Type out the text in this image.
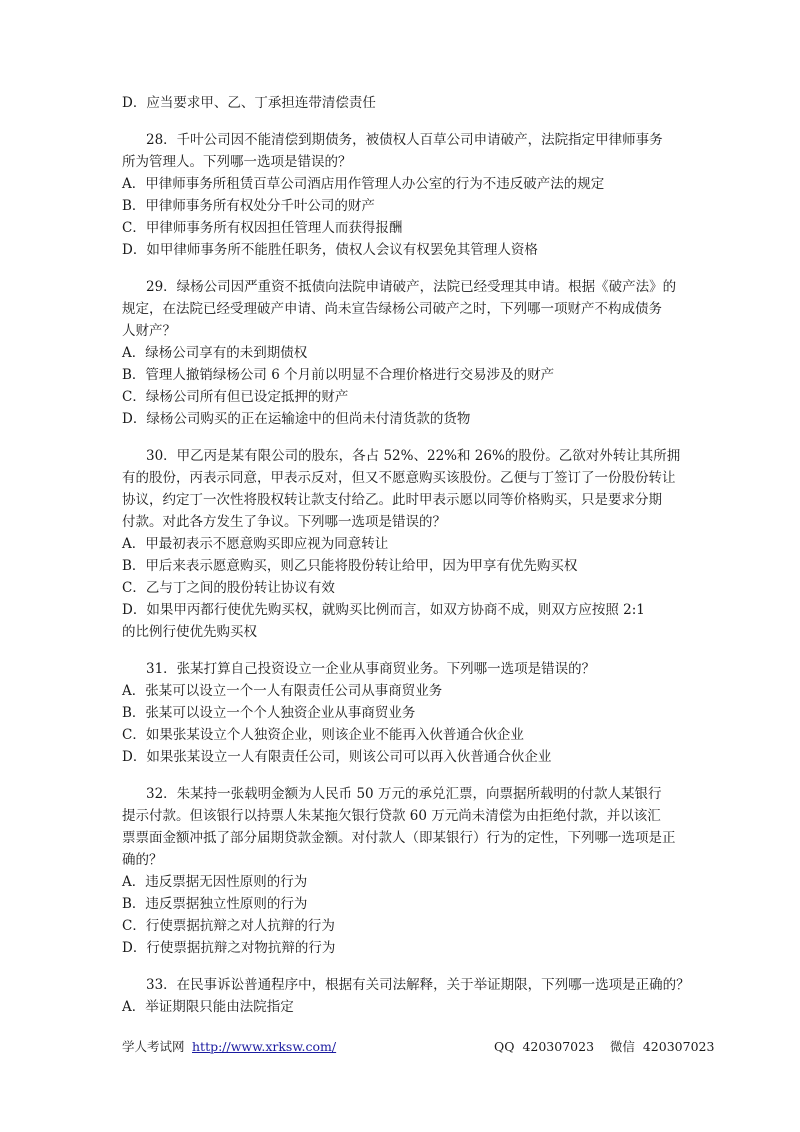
D．应当要求甲、乙、丁承担连带清偿责任
28．千叶公司因不能清偿到期债务，被债权人百草公司申请破产，法院指定甲律师事务
所为管理人。下列哪一选项是错误的？
A．甲律师事务所租赁百草公司酒店用作管理人办公室的行为不违反破产法的规定
B．甲律师事务所有权处分千叶公司的财产
C．甲律师事务所有权因担任管理人而获得报酬
D．如甲律师事务所不能胜任职务，债权人会议有权罢免其管理人资格
29．绿杨公司因严重资不抵债向法院申请破产，法院已经受理其申请。根据《破产法》的
规定，在法院已经受理破产申请、尚未宣告绿杨公司破产之时，下列哪一项财产不构成债务
人财产？
A．绿杨公司享有的未到期债权
B．管理人撤销绿杨公司 6 个月前以明显不合理价格进行交易涉及的财产
C．绿杨公司所有但已设定抵押的财产
D．绿杨公司购买的正在运输途中的但尚未付清货款的货物
30．甲乙丙是某有限公司的股东，各占 52%、22%和 26%的股份。乙欲对外转让其所拥
有的股份，丙表示同意，甲表示反对，但又不愿意购买该股份。乙便与丁签订了一份股份转让
协议，约定丁一次性将股权转让款支付给乙。此时甲表示愿以同等价格购买，只是要求分期
付款。对此各方发生了争议。下列哪一选项是错误的？
A．甲最初表示不愿意购买即应视为同意转让
B．甲后来表示愿意购买，则乙只能将股份转让给甲，因为甲享有优先购买权
C．乙与丁之间的股份转让协议有效
D．如果甲丙都行使优先购买权，就购买比例而言，如双方协商不成，则双方应按照 2:1
的比例行使优先购买权
31．张某打算自己投资设立一企业从事商贸业务。下列哪一选项是错误的？
A．张某可以设立一个一人有限责任公司从事商贸业务
B．张某可以设立一个个人独资企业从事商贸业务
C．如果张某设立个人独资企业，则该企业不能再入伙普通合伙企业
D．如果张某设立一人有限责任公司，则该公司可以再入伙普通合伙企业
32．朱某持一张载明金额为人民币 50 万元的承兑汇票，向票据所载明的付款人某银行
提示付款。但该银行以持票人朱某拖欠银行贷款 60 万元尚未清偿为由拒绝付款，并以该汇
票票面金额冲抵了部分届期贷款金额。对付款人（即某银行）行为的定性，下列哪一选项是正
确的？
A．违反票据无因性原则的行为
B．违反票据独立性原则的行为
C．行使票据抗辩之对人抗辩的行为
D．行使票据抗辩之对物抗辩的行为
33．在民事诉讼普通程序中，根据有关司法解释，关于举证期限，下列哪一选项是正确的？
A．举证期限只能由法院指定
学人考试网 http://www.xrksw.com/	QQ  420307023    微信  420307023
